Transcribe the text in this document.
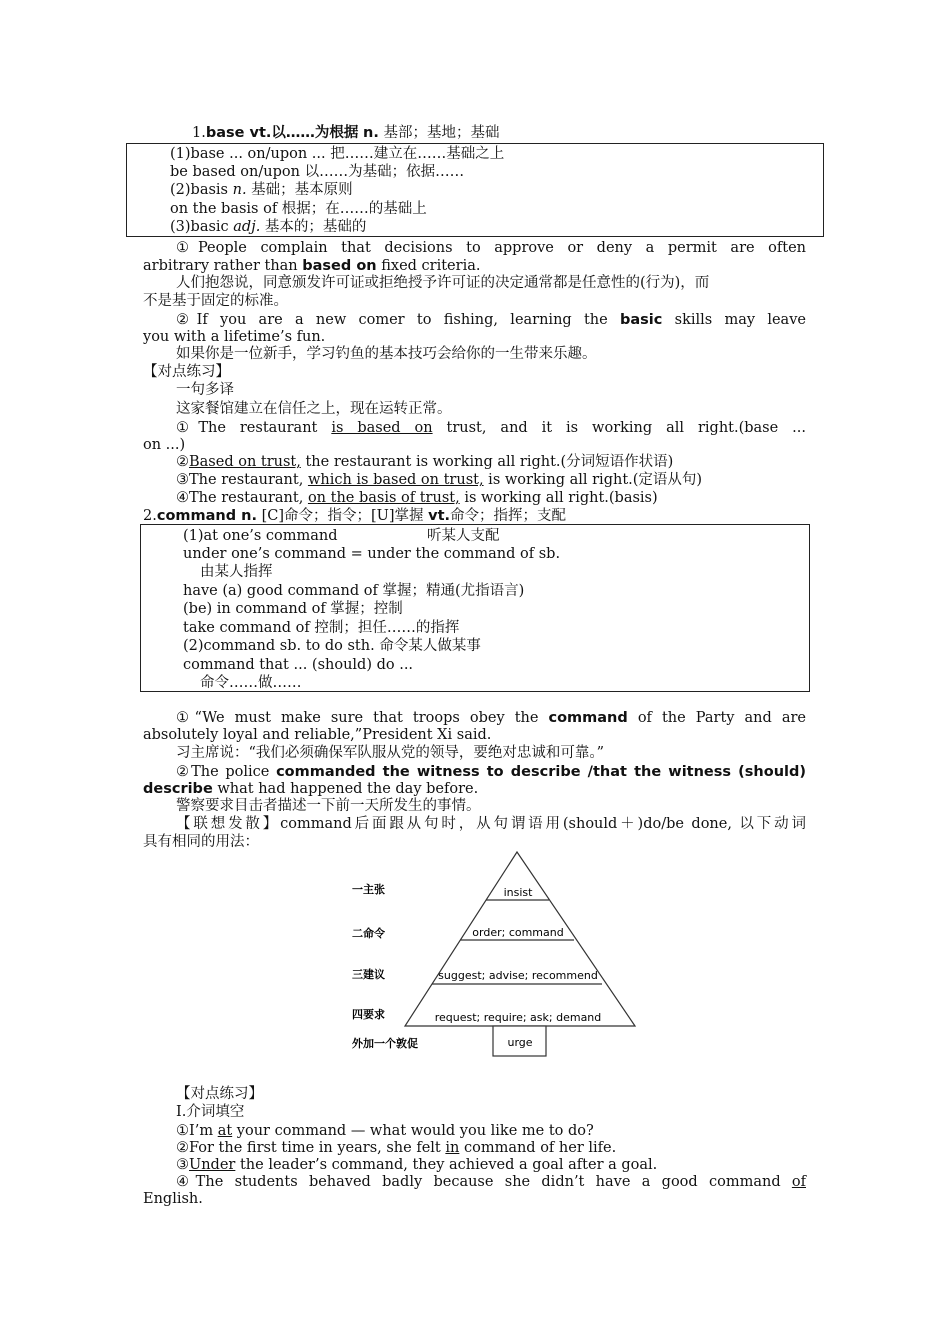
1.base vt.以……为根据 n. 基部；基地；基础
(1)base ... on/upon ... 把……建立在……基础之上
be based on/upon 以……为基础；依据……
(2)basis n. 基础；基本原则
on the basis of 根据；在……的基础上
(3)basic adj. 基本的；基础的
①People complain that decisions to approve or deny a permit are often
arbitrary rather than based on fixed criteria.
人们抱怨说，同意颁发许可证或拒绝授予许可证的决定通常都是任意性的(行为)，而
不是基于固定的标准。
②If you are a new comer to fishing, learning the basic skills may leave
you with a lifetime’s fun.
如果你是一位新手，学习钓鱼的基本技巧会给你的一生带来乐趣。
【对点练习】
一句多译
这家餐馆建立在信任之上，现在运转正常。
①The restaurant is based on trust, and it is working all right.(base ...
on ...)
②Based on trust, the restaurant is working all right.(分词短语作状语)
③The restaurant, which is based on trust, is working all right.(定语从句)
④The restaurant, on the basis of trust, is working all right.(basis)
2.command n. [C]命令；指令；[U]掌握 vt.命令；指挥；支配
(1)at one’s command	听某人支配
under one’s command = under the command of sb.
由某人指挥
have (a) good command of 掌握；精通(尤指语言)
(be) in command of 掌握；控制
take command of 控制；担任……的指挥
(2)command sb. to do sth. 命令某人做某事
command that ... (should) do ...
命令……做……
①“We must make sure that troops obey the command of the Party and are
absolutely loyal and reliable,”President Xi said.
习主席说：“我们必须确保军队服从党的领导，要绝对忠诚和可靠。”
②The police commanded the witness to describe /that the witness (should)
describe what had happened the day before.
警察要求目击者描述一下前一天所发生的事情。
【联想发散】command后面跟从句时，从句谓语用(should＋)do/be done, 以下动词
具有相同的用法：
insist
order; command
suggest; advise; recommend
request; require; ask; demand
urge
一主张
二命令
三建议
四要求
外加一个敦促
【对点练习】
Ⅰ.介词填空
①I’m at your command — what would you like me to do?
②For the first time in years, she felt in command of her life.
③Under the leader’s command, they achieved a goal after a goal.
④The students behaved badly because she didn’t have a good command of
English.
